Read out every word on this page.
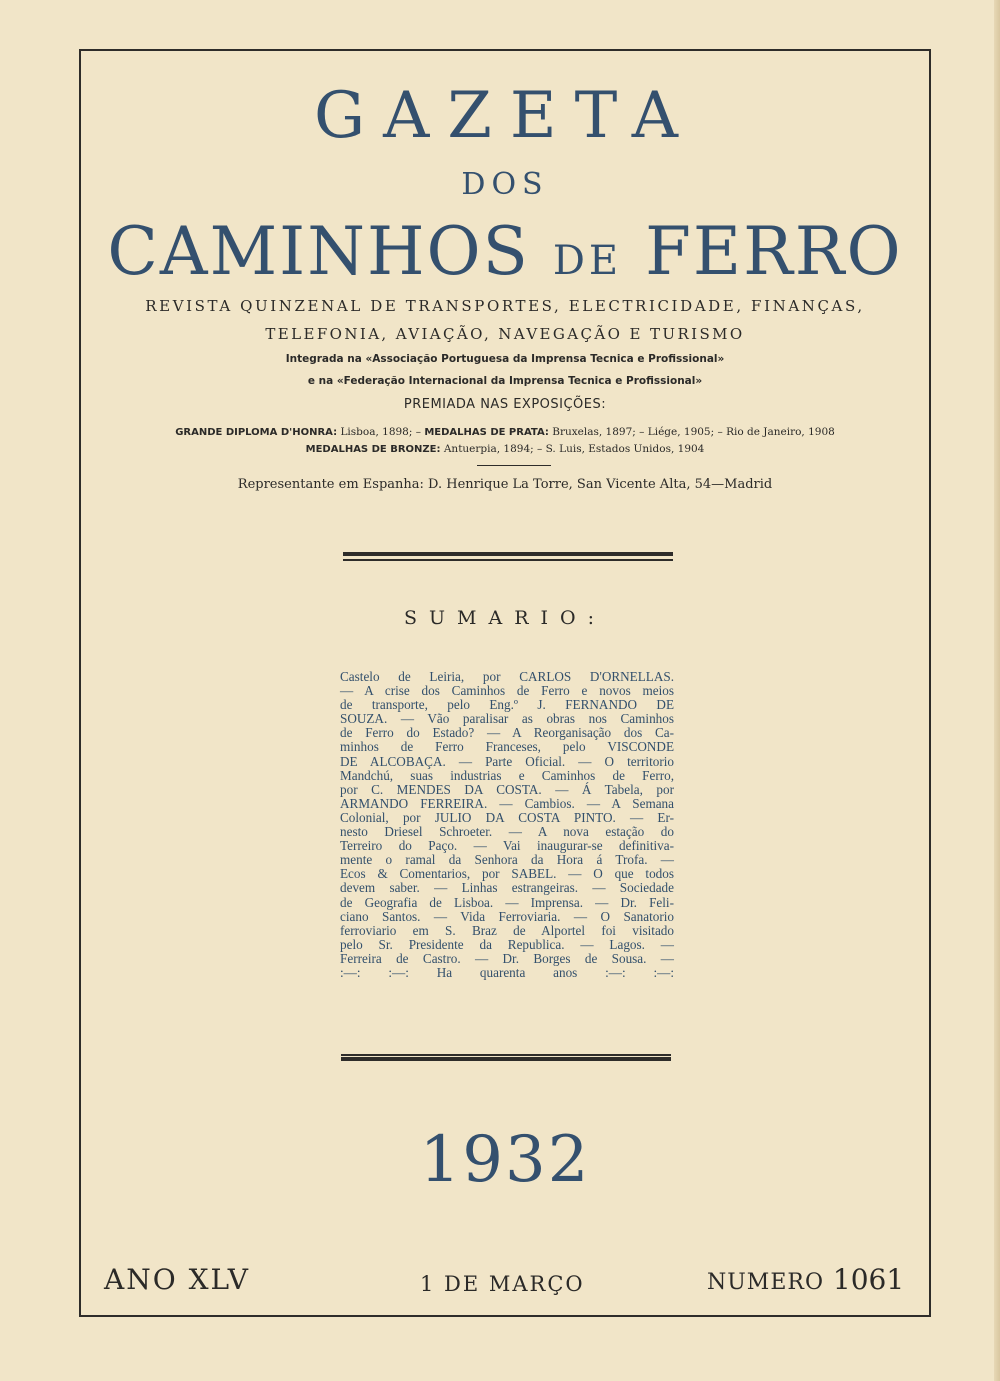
GAZETA
DOS
CAMINHOS DE FERRO
REVISTA QUINZENAL DE TRANSPORTES, ELECTRICIDADE, FINANÇAS,
TELEFONIA, AVIAÇÃO, NAVEGAÇÃO E TURISMO
Integrada na «Associação Portuguesa da Imprensa Tecnica e Profissional»
e na «Federação Internacional da Imprensa Tecnica e Profissional»
PREMIADA NAS EXPOSIÇÕES:
GRANDE DIPLOMA D'HONRA: Lisboa, 1898; – MEDALHAS DE PRATA: Bruxelas, 1897; – Liége, 1905; – Rio de Janeiro, 1908
MEDALHAS DE BRONZE: Antuerpia, 1894; – S. Luis, Estados Unidos, 1904
Representante em Espanha: D. Henrique La Torre, San Vicente Alta, 54—Madrid
SUMARIO:
Castelo de Leiria, por CARLOS D'ORNELLAS.
— A crise dos Caminhos de Ferro e novos meios
de transporte, pelo Eng.º J. FERNANDO DE
SOUZA. — Vão paralisar as obras nos Caminhos
de Ferro do Estado? — A Reorganisação dos Ca-
minhos de Ferro Franceses, pelo VISCONDE
DE ALCOBAÇA. — Parte Oficial. — O territorio
Mandchú, suas industrias e Caminhos de Ferro,
por C. MENDES DA COSTA. — Á Tabela, por
ARMANDO FERREIRA. — Cambios. — A Semana
Colonial, por JULIO DA COSTA PINTO. — Er-
nesto Driesel Schroeter. — A nova estação do
Terreiro do Paço. — Vai inaugurar-se definitiva-
mente o ramal da Senhora da Hora á Trofa. —
Ecos & Comentarios, por SABEL. — O que todos
devem saber. — Linhas estrangeiras. — Sociedade
de Geografia de Lisboa. — Imprensa. — Dr. Feli-
ciano Santos. — Vida Ferroviaria. — O Sanatorio
ferroviario em S. Braz de Alportel foi visitado
pelo Sr. Presidente da Republica. — Lagos. —
Ferreira de Castro. — Dr. Borges de Sousa. —
:—: :—: Ha quarenta anos :—: :—:
1932
ANO XLV	1 DE MARÇO	NUMERO 1061
